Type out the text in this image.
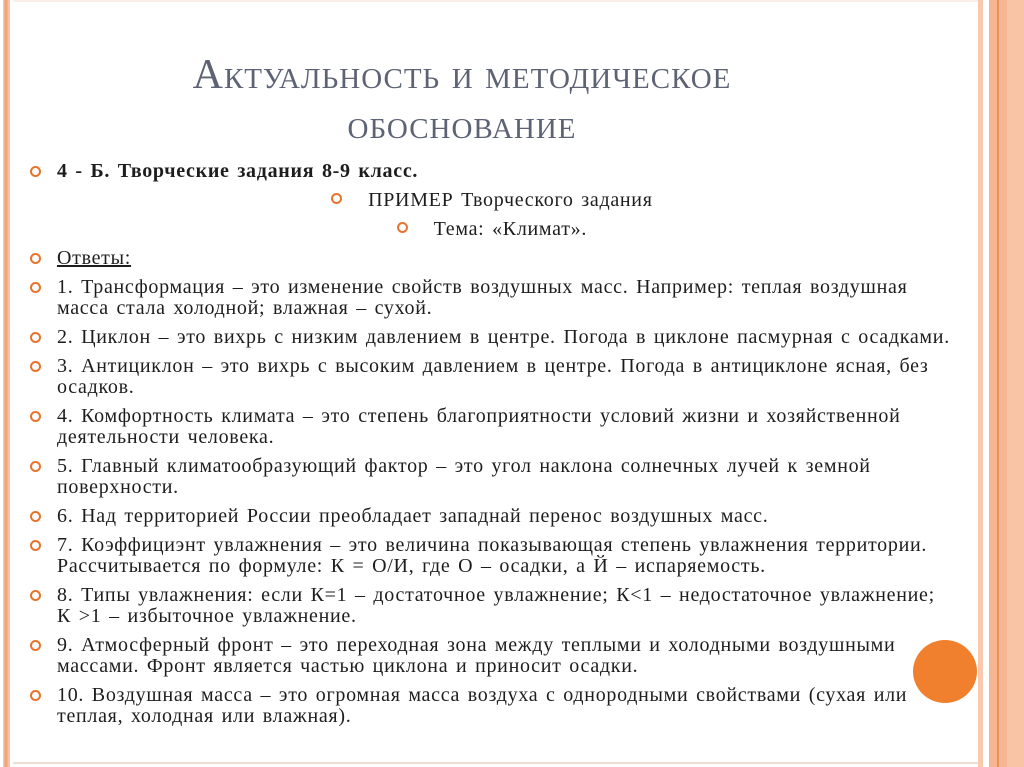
Актуальность и методическое
обоснование
4 - Б. Творческие задания 8-9 класс.
ПРИМЕР Творческого задания
Тема: «Климат».
Ответы:
1. Трансформация – это изменение свойств воздушных масс. Например: теплая воздушная масса стала холодной; влажная – сухой.
2. Циклон – это вихрь с низким давлением в центре. Погода в циклоне пасмурная с осадками.
3. Антициклон – это вихрь с высоким давлением в центре. Погода в антициклоне ясная, без осадков.
4. Комфортность климата – это степень благоприятности условий жизни и хозяйственной деятельности человека.
5. Главный климатообразующий фактор – это угол наклона солнечных лучей к земной поверхности.
6. Над территорией России преобладает западнай перенос воздушных масс.
7. Коэффициэнт увлажнения – это величина показывающая степень увлажнения территории. Рассчитывается по формуле: К = О/И, где О – осадки, а Й – испаряемость.
8. Типы увлажнения: если К=1 – достаточное увлажнение; К<1 – недостаточное увлажнение; К >1 – избыточное увлажнение.
9. Атмосферный фронт – это переходная зона между теплыми и холодными воздушными массами. Фронт является частью циклона и приносит осадки.
10. Воздушная масса – это огромная масса воздуха с однородными свойствами (сухая или теплая, холодная или влажная).
